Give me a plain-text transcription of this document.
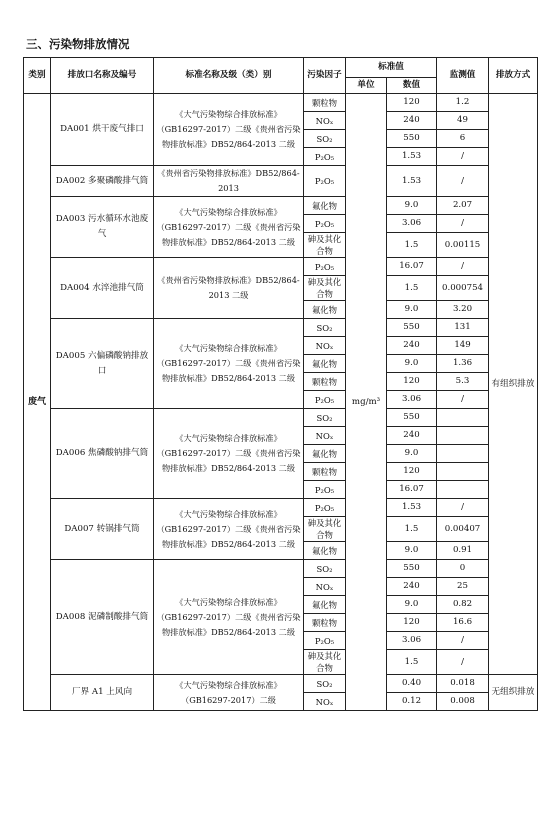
三、污染物排放情况
类别	排放口名称及编号	标准名称及级（类）别	污染因子	标准值		监测值	排放方式
				单位	数值		
废气	DA001 烘干废气排口	《大气污染物综合排放标准》（GB16297-2017）二级《贵州省污染物排放标准》DB52/864-2013 二级	颗粒物	mg/m³	120	1.2	有组织排放
			NOₓ		240	49	
			SO₂		550	6	
			P₂O₅		1.53	/	
	DA002 多聚磷酸排气筒	《贵州省污染物排放标准》DB52/864-2013	P₂O₅		1.53	/	
	DA003 污水循环水池废气	《大气污染物综合排放标准》（GB16297-2017）二级《贵州省污染物排放标准》DB52/864-2013 二级	氟化物		9.0	2.07	
			P₂O₅		3.06	/	
			砷及其化合物		1.5	0.00115	
	DA004 水淬池排气筒	《贵州省污染物排放标准》DB52/864-2013 二级	P₂O₅		16.07	/	
			砷及其化合物		1.5	0.000754	
			氟化物		9.0	3.20	
	DA005 六偏磷酸钠排放口	《大气污染物综合排放标准》（GB16297-2017）二级《贵州省污染物排放标准》DB52/864-2013 二级	SO₂		550	131	
			NOₓ		240	149	
			氟化物		9.0	1.36	
			颗粒物		120	5.3	
			P₂O₅		3.06	/	
	DA006 焦磷酸钠排气筒	《大气污染物综合排放标准》（GB16297-2017）二级《贵州省污染物排放标准》DB52/864-2013 二级	SO₂		550		
			NOₓ		240		
			氟化物		9.0		
			颗粒物		120		
			P₂O₅		16.07		
	DA007 转锅排气筒	《大气污染物综合排放标准》（GB16297-2017）二级《贵州省污染物排放标准》DB52/864-2013 二级	P₂O₅		1.53	/	
			砷及其化合物		1.5	0.00407	
			氟化物		9.0	0.91	
	DA008 泥磷制酸排气筒	《大气污染物综合排放标准》（GB16297-2017）二级《贵州省污染物排放标准》DB52/864-2013 二级	SO₂		550	0	
			NOₓ		240	25	
			氟化物		9.0	0.82	
			颗粒物		120	16.6	
			P₂O₅		3.06	/	
			砷及其化合物		1.5	/	
	厂界 A1 上风向	《大气污染物综合排放标准》（GB16297-2017）二级	SO₂		0.40	0.018	无组织排放
			NOₓ		0.12	0.008	
